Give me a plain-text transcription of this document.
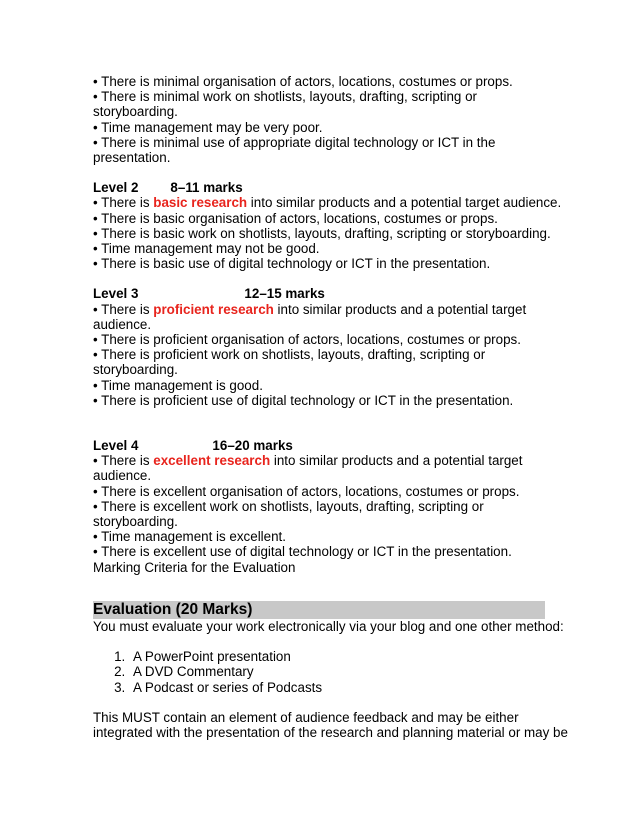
• There is minimal organisation of actors, locations, costumes or props.
• There is minimal work on shotlists, layouts, drafting, scripting or
storyboarding.
• Time management may be very poor.
• There is minimal use of appropriate digital technology or ICT in the
presentation.
Level 2 8–11 marks
• There is basic research into similar products and a potential target audience.
• There is basic organisation of actors, locations, costumes or props.
• There is basic work on shotlists, layouts, drafting, scripting or storyboarding.
• Time management may not be good.
• There is basic use of digital technology or ICT in the presentation.
Level 3	12–15 marks
• There is proficient research into similar products and a potential target
audience.
• There is proficient organisation of actors, locations, costumes or props.
• There is proficient work on shotlists, layouts, drafting, scripting or
storyboarding.
• Time management is good.
• There is proficient use of digital technology or ICT in the presentation.
Level 4	16–20 marks
• There is excellent research into similar products and a potential target
audience.
• There is excellent organisation of actors, locations, costumes or props.
• There is excellent work on shotlists, layouts, drafting, scripting or
storyboarding.
• Time management is excellent.
• There is excellent use of digital technology or ICT in the presentation.
Marking Criteria for the Evaluation
Evaluation (20 Marks)
You must evaluate your work electronically via your blog and one other method:
1. A PowerPoint presentation
2. A DVD Commentary
3. A Podcast or series of Podcasts
This MUST contain an element of audience feedback and may be either
integrated with the presentation of the research and planning material or may be
